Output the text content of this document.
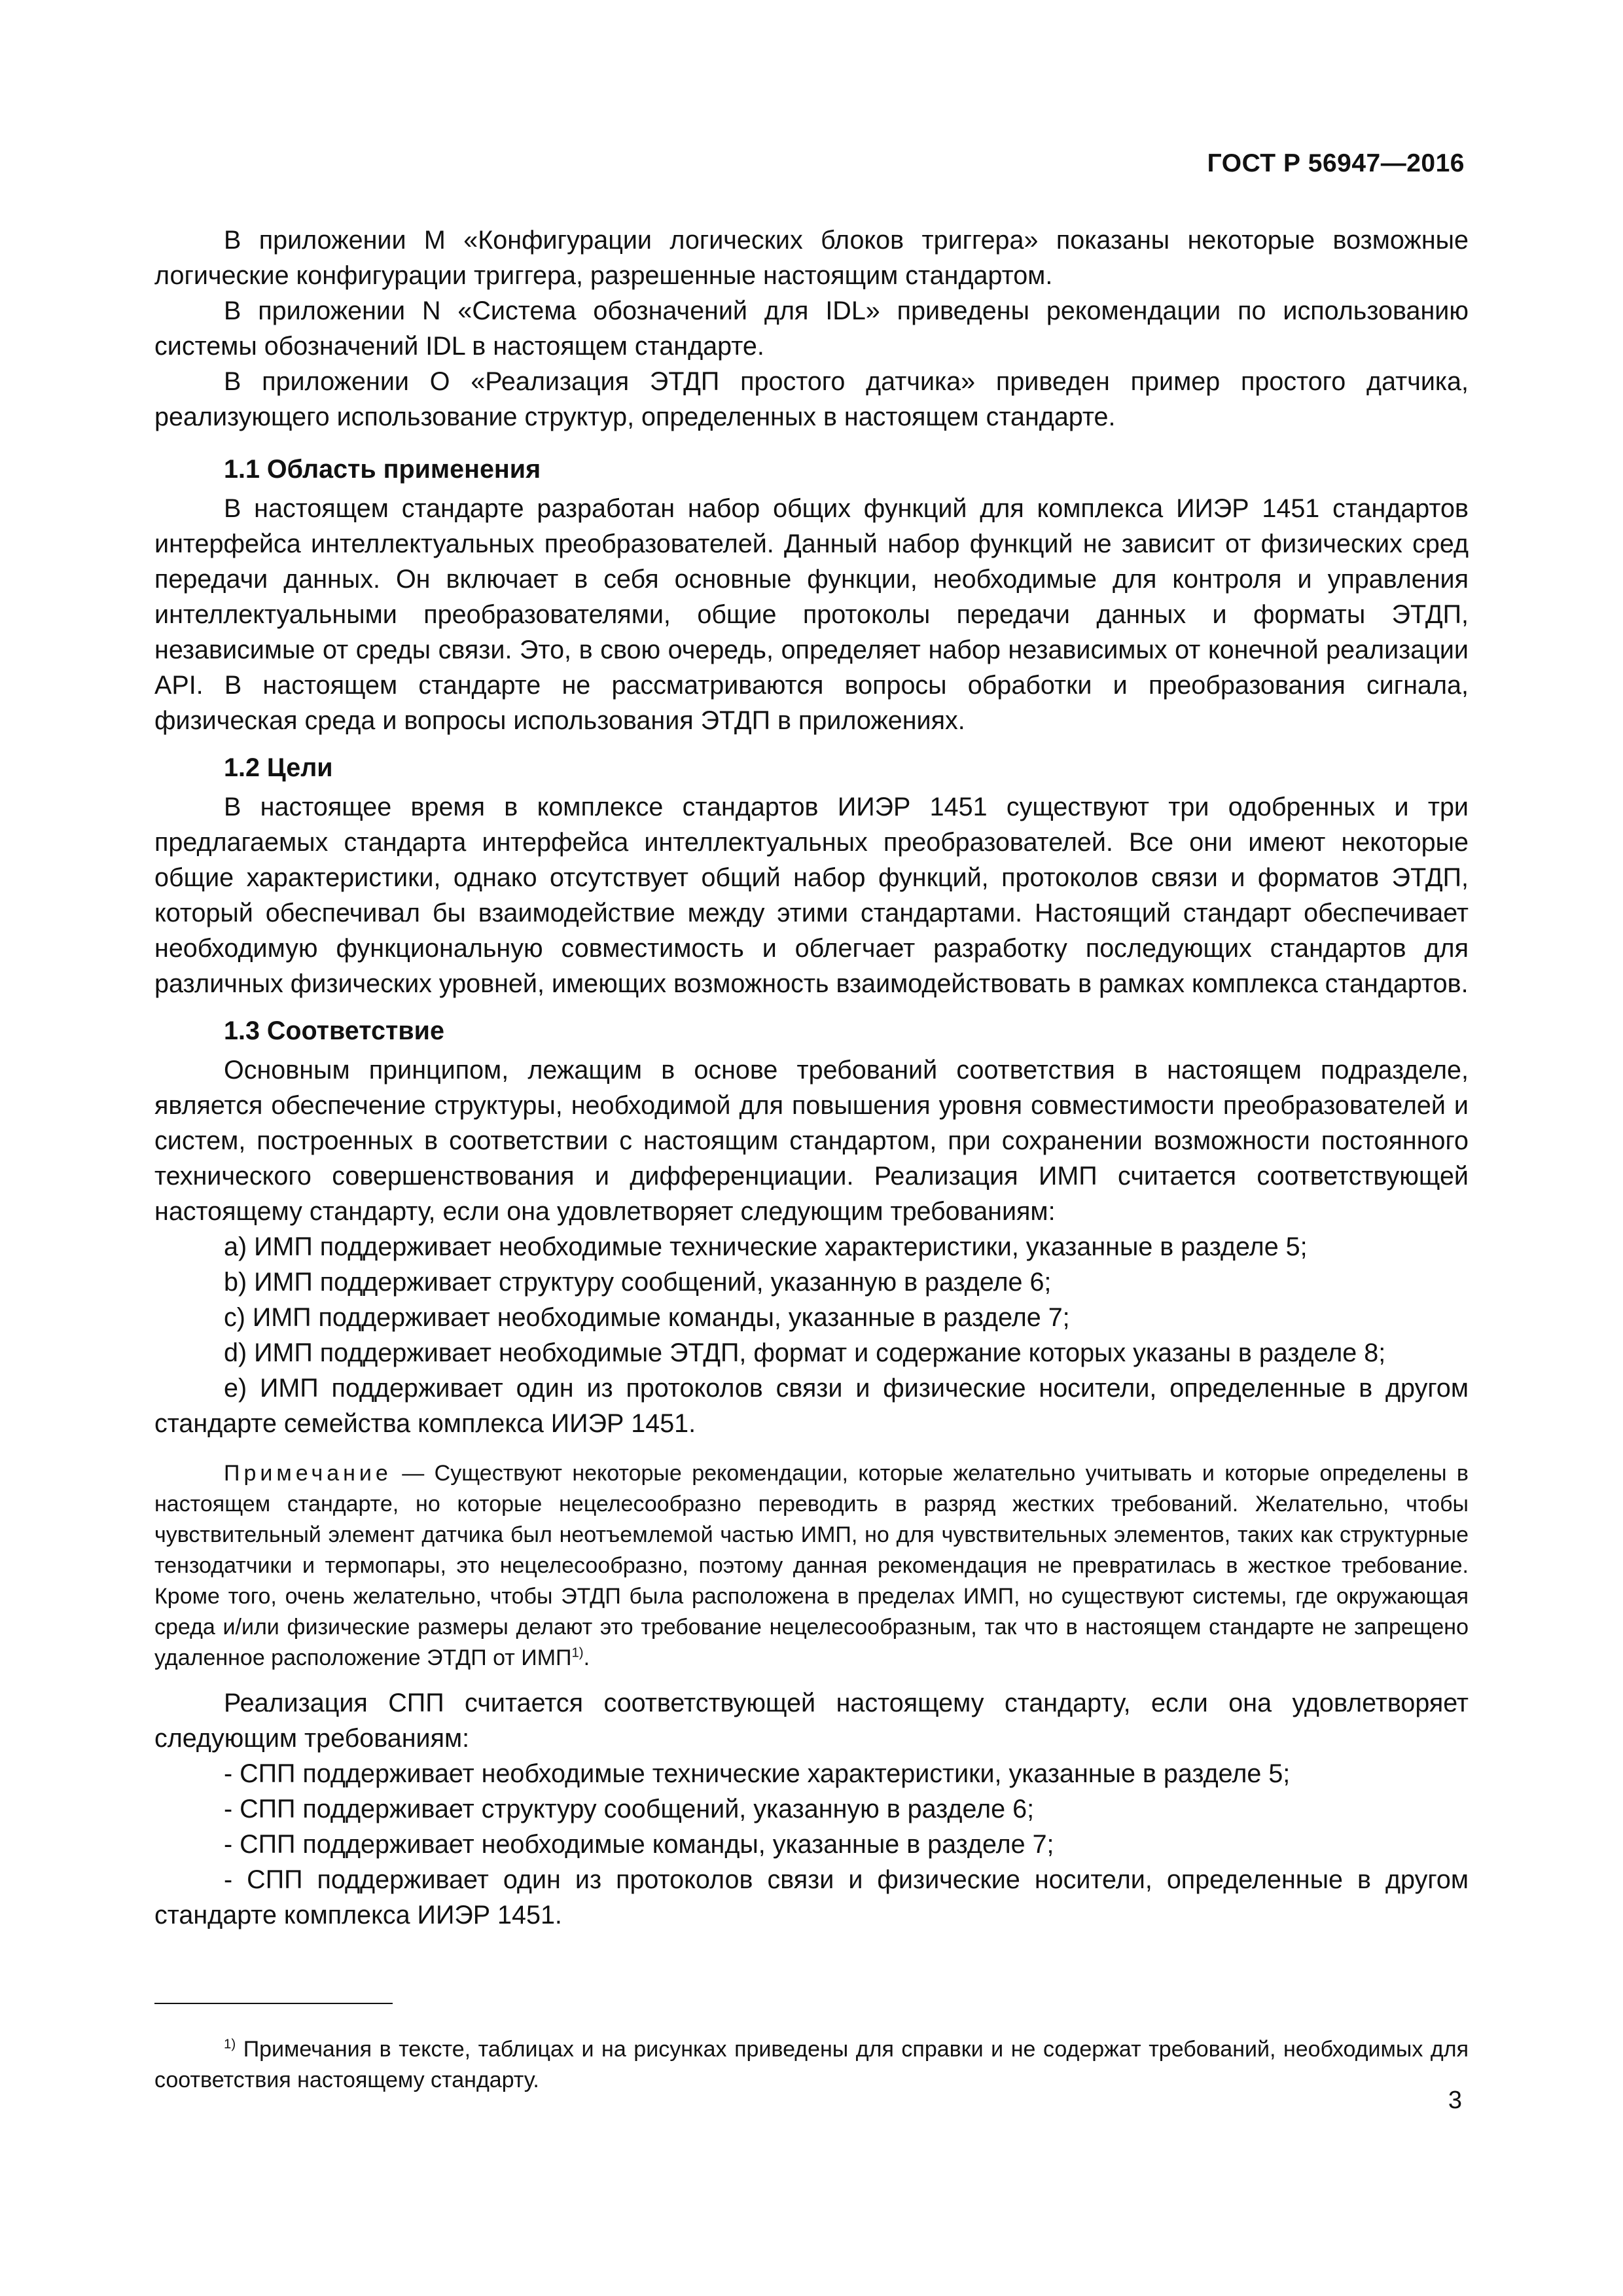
ГОСТ Р 56947—2016

В приложении M «Конфигурации логических блоков триггера» показаны некоторые возможные логические конфигурации триггера, разрешенные настоящим стандартом.

В приложении N «Система обозначений для IDL» приведены рекомендации по использованию системы обозначений IDL в настоящем стандарте.

В приложении O «Реализация ЭТДП простого датчика» приведен пример простого датчика, реализующего использование структур, определенных в настоящем стандарте.

1.1 Область применения

В настоящем стандарте разработан набор общих функций для комплекса ИИЭР 1451 стандартов интерфейса интеллектуальных преобразователей. Данный набор функций не зависит от физических сред передачи данных. Он включает в себя основные функции, необходимые для контроля и управления интеллектуальными преобразователями, общие протоколы передачи данных и форматы ЭТДП, независимые от среды связи. Это, в свою очередь, определяет набор независимых от конечной реализации API. В настоящем стандарте не рассматриваются вопросы обработки и преобразования сигнала, физическая среда и вопросы использования ЭТДП в приложениях.

1.2 Цели

В настоящее время в комплексе стандартов ИИЭР 1451 существуют три одобренных и три предлагаемых стандарта интерфейса интеллектуальных преобразователей. Все они имеют некоторые общие характеристики, однако отсутствует общий набор функций, протоколов связи и форматов ЭТДП, который обеспечивал бы взаимодействие между этими стандартами. Настоящий стандарт обеспечивает необходимую функциональную совместимость и облегчает разработку последующих стандартов для различных физических уровней, имеющих возможность взаимодействовать в рамках комплекса стандартов.

1.3 Соответствие

Основным принципом, лежащим в основе требований соответствия в настоящем подразделе, является обеспечение структуры, необходимой для повышения уровня совместимости преобразователей и систем, построенных в соответствии с настоящим стандартом, при сохранении возможности постоянного технического совершенствования и дифференциации. Реализация ИМП считается соответствующей настоящему стандарту, если она удовлетворяет следующим требованиям:

a) ИМП поддерживает необходимые технические характеристики, указанные в разделе 5;

b) ИМП поддерживает структуру сообщений, указанную в разделе 6;

c) ИМП поддерживает необходимые команды, указанные в разделе 7;

d) ИМП поддерживает необходимые ЭТДП, формат и содержание которых указаны в разделе 8;

e) ИМП поддерживает один из протоколов связи и физические носители, определенные в другом стандарте семейства комплекса ИИЭР 1451.

Примечание — Существуют некоторые рекомендации, которые желательно учитывать и которые определены в настоящем стандарте, но которые нецелесообразно переводить в разряд жестких требований. Желательно, чтобы чувствительный элемент датчика был неотъемлемой частью ИМП, но для чувствительных элементов, таких как структурные тензодатчики и термопары, это нецелесообразно, поэтому данная рекомендация не превратилась в жесткое требование. Кроме того, очень желательно, чтобы ЭТДП была расположена в пределах ИМП, но существуют системы, где окружающая среда и/или физические размеры делают это требование нецелесообразным, так что в настоящем стандарте не запрещено удаленное расположение ЭТДП от ИМП$^{1)}$.

Реализация СПП считается соответствующей настоящему стандарту, если она удовлетворяет следующим требованиям:

- СПП поддерживает необходимые технические характеристики, указанные в разделе 5;

- СПП поддерживает структуру сообщений, указанную в разделе 6;

- СПП поддерживает необходимые команды, указанные в разделе 7;

- СПП поддерживает один из протоколов связи и физические носители, определенные в другом стандарте комплекса ИИЭР 1451.

$^{1)}$ Примечания в тексте, таблицах и на рисунках приведены для справки и не содержат требований, необходимых для соответствия настоящему стандарту.

3
